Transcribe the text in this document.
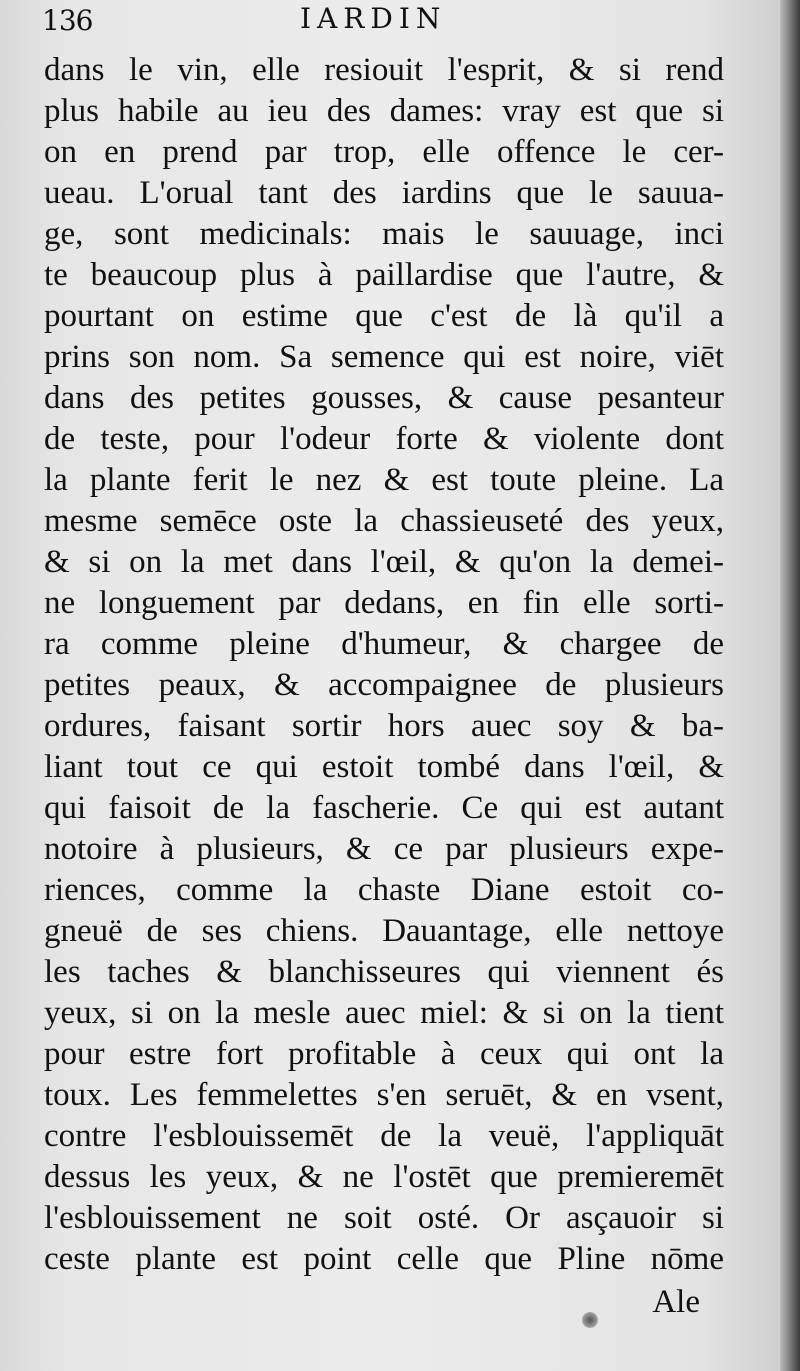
136	IARDIN
dans le vin, elle resiouit l'esprit, & si rend
plus habile au ieu des dames: vray est que si
on en prend par trop, elle offence le cer-
ueau. L'orual tant des iardins que le sauua-
ge, sont medicinals: mais le sauuage, inci
te beaucoup plus à paillardise que l'autre, &
pourtant on estime que c'est de là qu'il a
prins son nom. Sa semence qui est noire, viēt
dans des petites gousses, & cause pesanteur
de teste, pour l'odeur forte & violente dont
la plante ferit le nez & est toute pleine. La
mesme semēce oste la chassieuseté des yeux,
& si on la met dans l'œil, & qu'on la demei-
ne longuement par dedans, en fin elle sorti-
ra comme pleine d'humeur, & chargee de
petites peaux, & accompaignee de plusieurs
ordures, faisant sortir hors auec soy & ba-
liant tout ce qui estoit tombé dans l'œil, &
qui faisoit de la fascherie. Ce qui est autant
notoire à plusieurs, & ce par plusieurs expe-
riences, comme la chaste Diane estoit co-
gneuë de ses chiens. Dauantage, elle nettoye
les taches & blanchisseures qui viennent és
yeux, si on la mesle auec miel: & si on la tient
pour estre fort profitable à ceux qui ont la
toux. Les femmelettes s'en seruēt, & en vsent,
contre l'esblouissemēt de la veuë, l'appliquāt
dessus les yeux, & ne l'ostēt que premieremēt
l'esblouissement ne soit osté. Or asçauoir si
ceste plante est point celle que Pline nōme
Ale
